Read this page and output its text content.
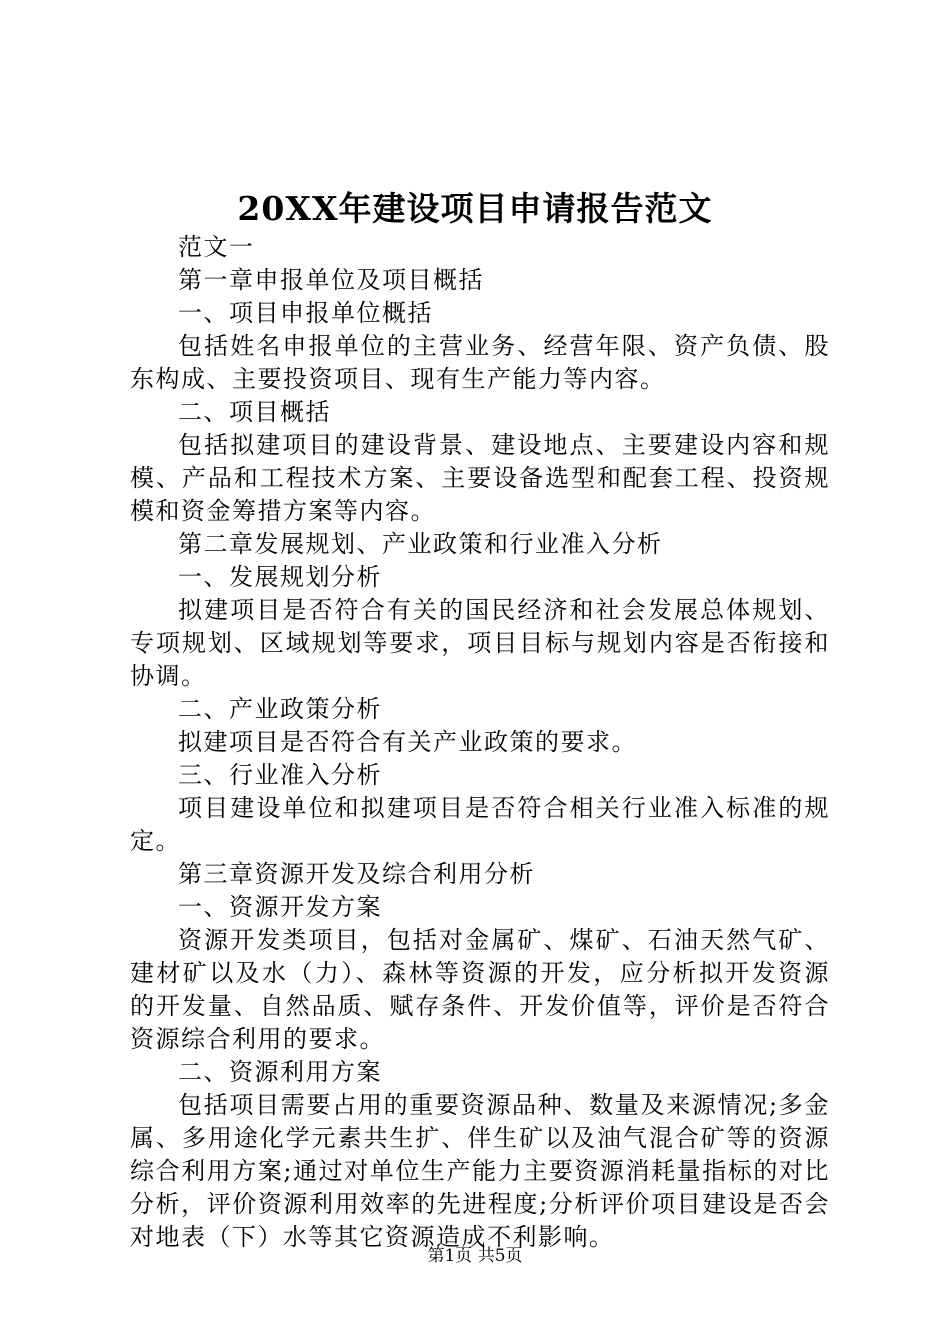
20XX年建设项目申请报告范文

范文一

第一章申报单位及项目概括

一、项目申报单位概括

包括姓名申报单位的主营业务、经营年限、资产负债、股东构成、主要投资项目、现有生产能力等内容。

二、项目概括

包括拟建项目的建设背景、建设地点、主要建设内容和规模、产品和工程技术方案、主要设备选型和配套工程、投资规模和资金筹措方案等内容。

第二章发展规划、产业政策和行业准入分析

一、发展规划分析

拟建项目是否符合有关的国民经济和社会发展总体规划、专项规划、区域规划等要求，项目目标与规划内容是否衔接和协调。

二、产业政策分析

拟建项目是否符合有关产业政策的要求。

三、行业准入分析

项目建设单位和拟建项目是否符合相关行业准入标准的规定。

第三章资源开发及综合利用分析

一、资源开发方案

资源开发类项目，包括对金属矿、煤矿、石油天然气矿、建材矿以及水（力）、森林等资源的开发，应分析拟开发资源的开发量、自然品质、赋存条件、开发价值等，评价是否符合资源综合利用的要求。

二、资源利用方案

包括项目需要占用的重要资源品种、数量及来源情况;多金属、多用途化学元素共生扩、伴生矿以及油气混合矿等的资源综合利用方案;通过对单位生产能力主要资源消耗量指标的对比分析，评价资源利用效率的先进程度;分析评价项目建设是否会对地表（下）水等其它资源造成不利影响。

第1页 共5页
